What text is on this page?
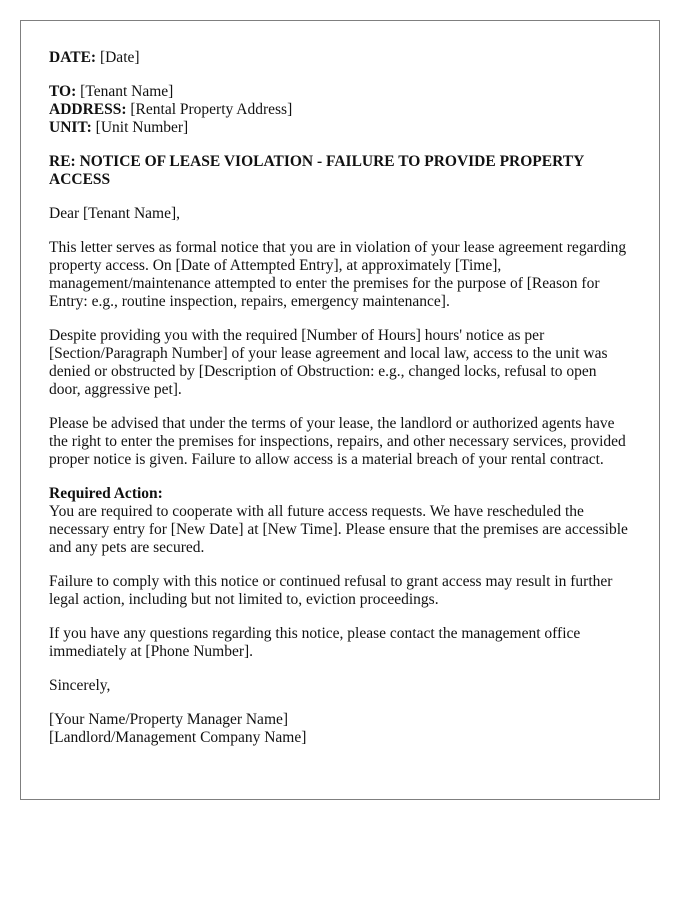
DATE: [Date]

TO: [Tenant Name]
ADDRESS: [Rental Property Address]
UNIT: [Unit Number]

RE: NOTICE OF LEASE VIOLATION - FAILURE TO PROVIDE PROPERTY ACCESS

Dear [Tenant Name],

This letter serves as formal notice that you are in violation of your lease agreement regarding property access. On [Date of Attempted Entry], at approximately [Time], management/maintenance attempted to enter the premises for the purpose of [Reason for Entry: e.g., routine inspection, repairs, emergency maintenance].

Despite providing you with the required [Number of Hours] hours' notice as per [Section/Paragraph Number] of your lease agreement and local law, access to the unit was denied or obstructed by [Description of Obstruction: e.g., changed locks, refusal to open door, aggressive pet].

Please be advised that under the terms of your lease, the landlord or authorized agents have the right to enter the premises for inspections, repairs, and other necessary services, provided proper notice is given. Failure to allow access is a material breach of your rental contract.

Required Action:
You are required to cooperate with all future access requests. We have rescheduled the necessary entry for [New Date] at [New Time]. Please ensure that the premises are accessible and any pets are secured.

Failure to comply with this notice or continued refusal to grant access may result in further legal action, including but not limited to, eviction proceedings.

If you have any questions regarding this notice, please contact the management office immediately at [Phone Number].

Sincerely,

[Your Name/Property Manager Name]
[Landlord/Management Company Name]
